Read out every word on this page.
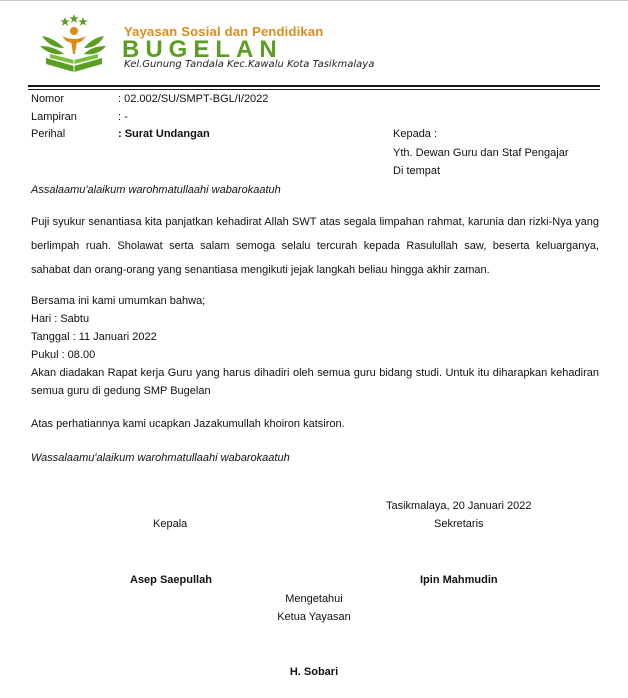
Yayasan Sosial dan Pendidikan
BUGELAN
Kel.Gunung Tandala Kec.Kawalu Kota Tasikmalaya
Nomor	: 02.002/SU/SMPT-BGL/I/2022
Lampiran	: -
Perihal	: Surat Undangan	Kepada :
Yth. Dewan Guru dan Staf Pengajar
Di tempat
Assalaamu'alaikum warohmatullaahi wabarokaatuh
Puji syukur senantiasa kita panjatkan kehadirat Allah SWT atas segala limpahan rahmat, karunia dan rizki-Nya yang berlimpah ruah. Sholawat serta salam semoga selalu tercurah kepada Rasulullah saw, beserta keluarganya, sahabat dan orang-orang yang senantiasa mengikuti jejak langkah beliau hingga akhir zaman.
Bersama ini kami umumkan bahwa;
Hari : Sabtu
Tanggal : 11 Januari 2022
Pukul : 08.00
Akan diadakan Rapat kerja Guru yang harus dihadiri oleh semua guru bidang studi. Untuk itu diharapkan kehadiran semua guru di gedung SMP Bugelan
Atas perhatiannya kami ucapkan Jazakumullah khoiron katsiron.
Wassalaamu'alaikum warohmatullaahi wabarokaatuh
Tasikmalaya, 20 Januari 2022
Kepala	Sekretaris
Asep Saepullah	Ipin Mahmudin
Mengetahui
Ketua Yayasan
H. Sobari
